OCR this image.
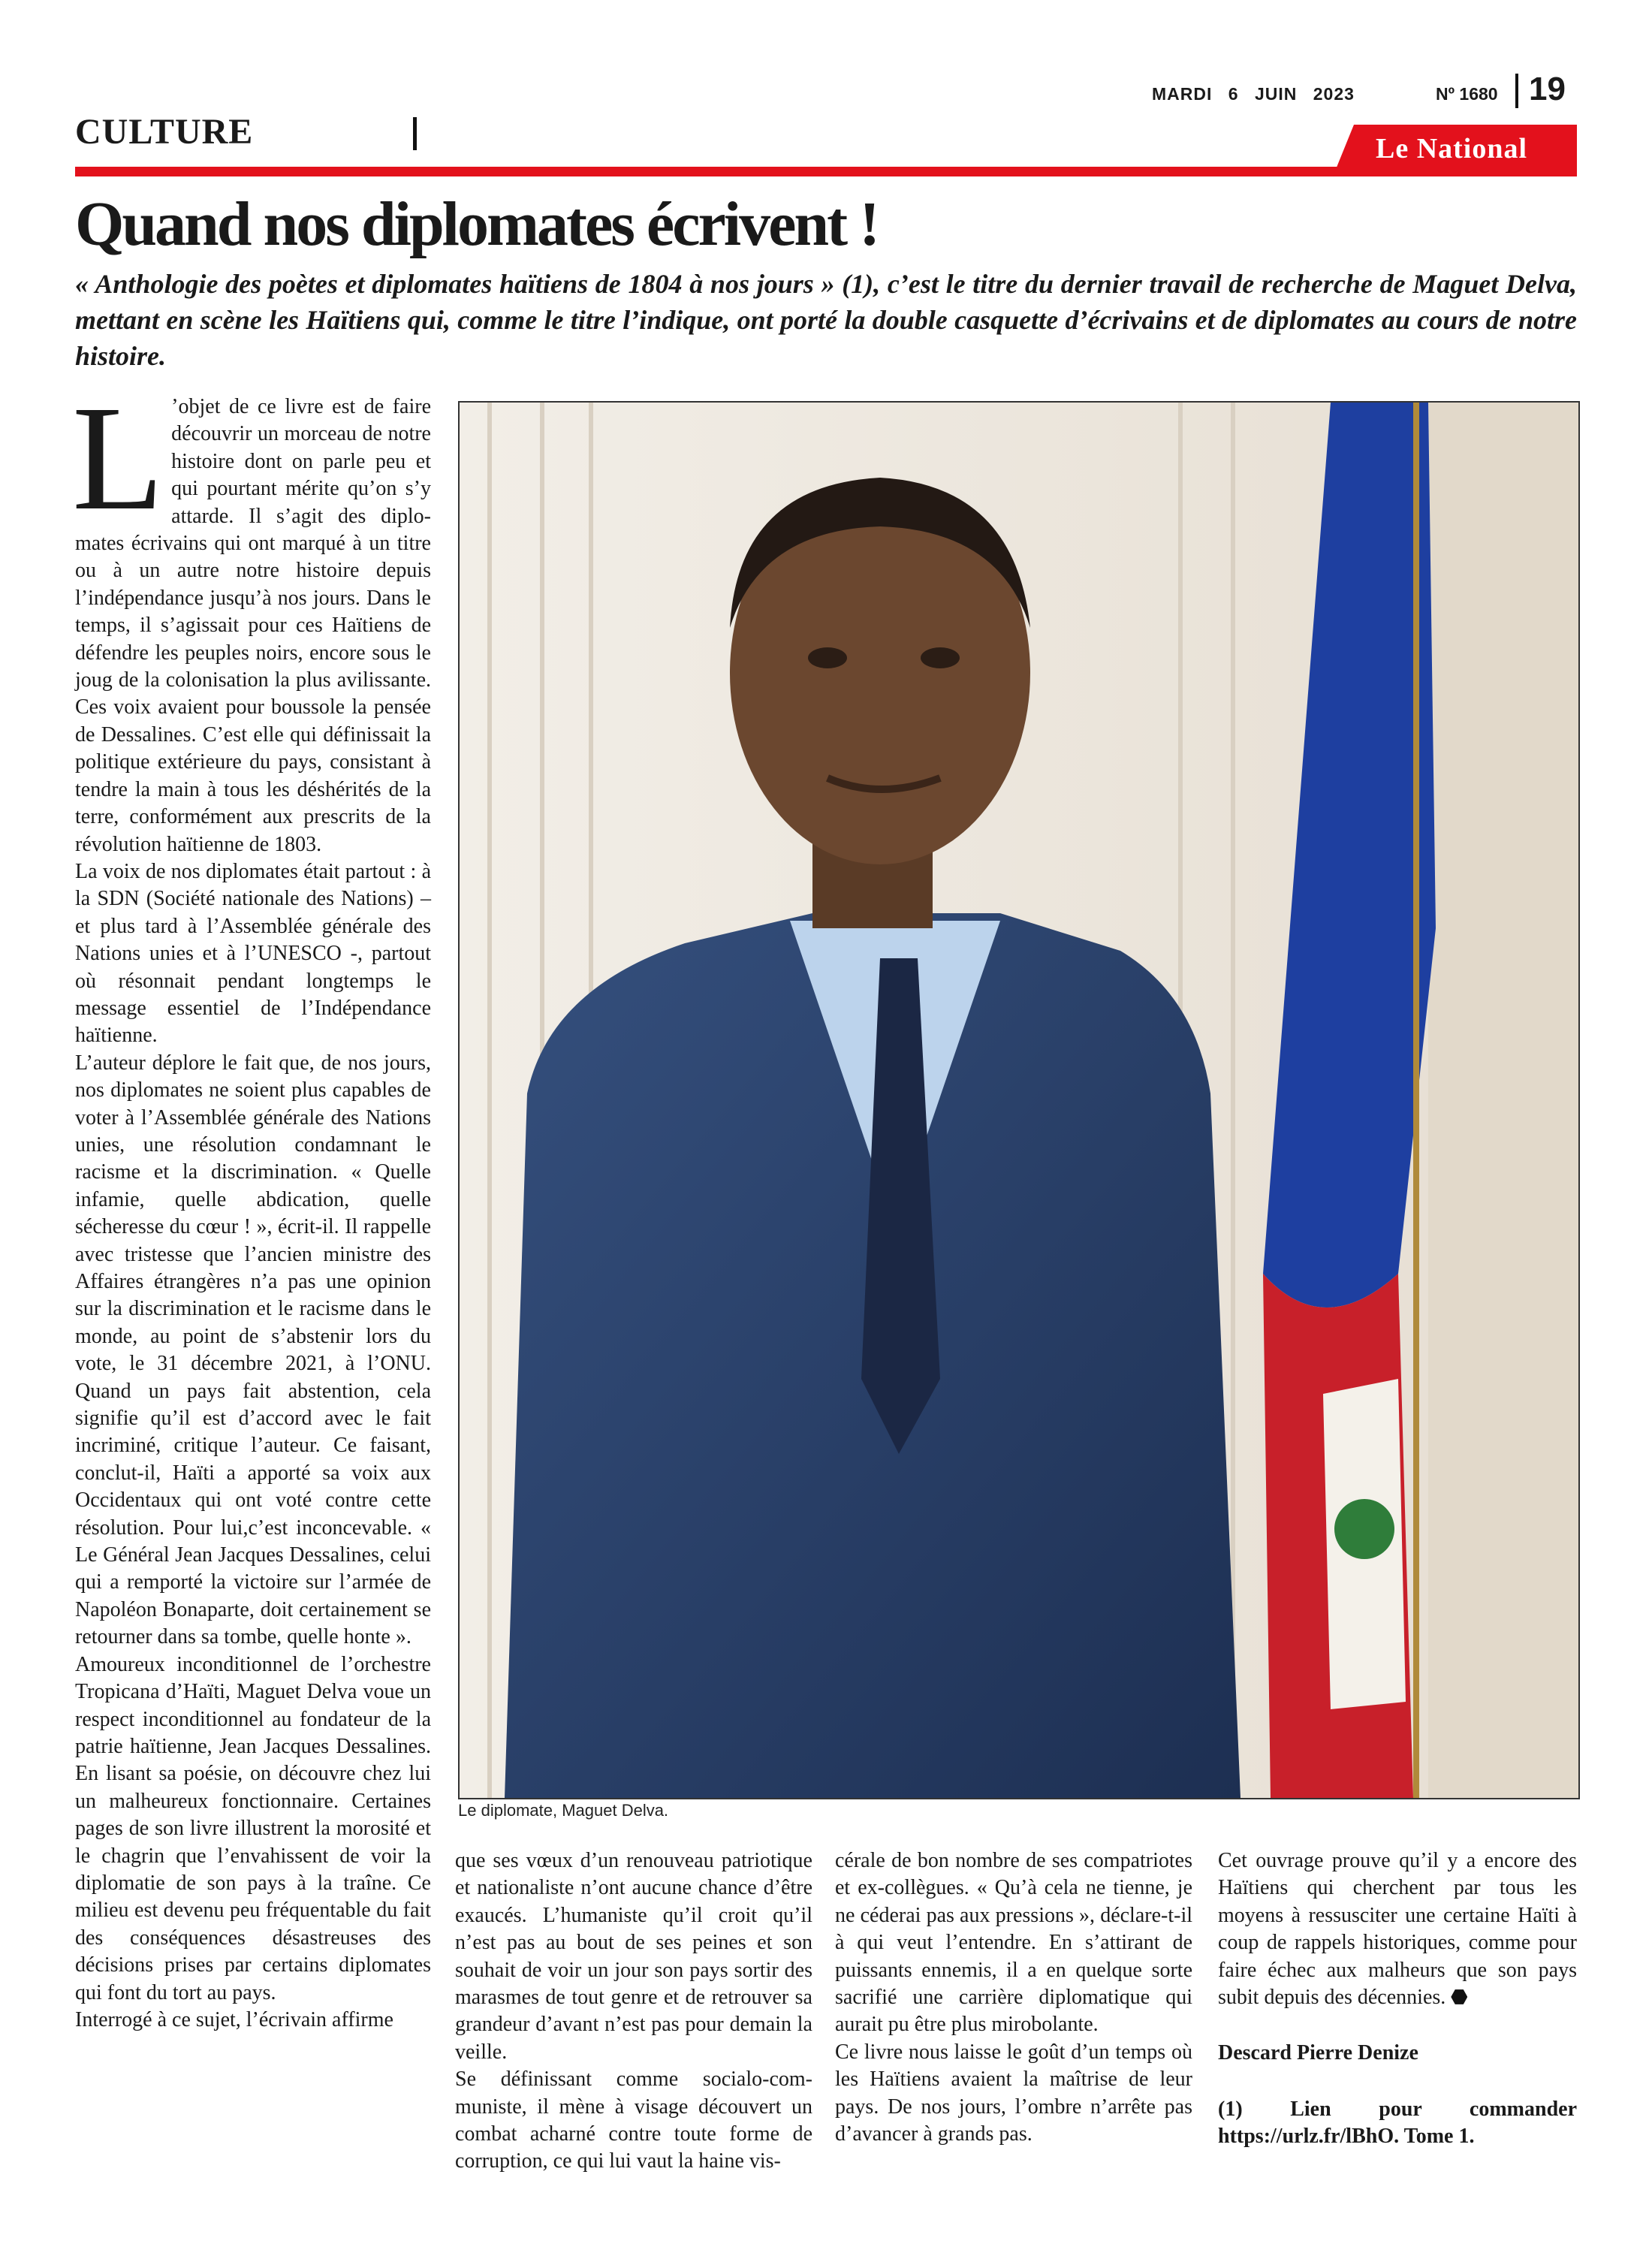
MARDI 6 JUIN 2023	Nº 1680 19
CULTURE	Le National
Quand nos diplomates écrivent !
« Anthologie des poètes et diplomates haïtiens de 1804 à nos jours » (1), c’est le titre du dernier travail de recherche de Maguet Delva, mettant en scène les Haïtiens qui, comme le titre l’indique, ont porté la double casquette d’écrivains et de diplomates au cours de notre histoire.

L ’objet de ce livre est de faire découvrir un morceau de notre histoire dont on parle peu et qui pourtant mérite qu’on s’y attarde. Il s’agit des diplomates écrivains qui ont marqué à un titre ou à un autre notre histoire depuis l’indépendance jusqu’à nos jours. Dans le temps, il s’agissait pour ces Haïtiens de défendre les peuples noirs, encore sous le joug de la colonisation la plus avilissante. Ces voix avaient pour boussole la pensée de Dessalines. C’est elle qui définissait la politique extérieure du pays, consistant à tendre la main à tous les déshérités de la terre, conformément aux prescrits de la révolution haïtienne de 1803.

La voix de nos diplomates était partout : à la SDN (Société nationale des Nations) – et plus tard à l’Assemblée générale des Nations unies et à l’UNESCO -, partout où résonnait pendant longtemps le message essentiel de l’Indépendance haïtienne.

L’auteur déplore le fait que, de nos jours, nos diplomates ne soient plus capables de voter à l’Assemblée générale des Nations unies, une résolution condamnant le racisme et la discrimination. « Quelle infamie, quelle abdication, quelle sécheresse du cœur ! », écrit-il. Il rappelle avec tristesse que l’ancien ministre des Affaires étrangères n’a pas une opinion sur la discrimination et le racisme dans le monde, au point de s’abstenir lors du vote, le 31 décembre 2021, à l’ONU. Quand un pays fait abstention, cela signifie qu’il est d’accord avec le fait incriminé, critique l’auteur. Ce faisant, conclut-il, Haïti a apporté sa voix aux Occidentaux qui ont voté contre cette résolution. Pour lui,c’est inconcevable. « Le Général Jean Jacques Dessalines, celui qui a remporté la victoire sur l’armée de Napoléon Bonaparte, doit certainement se retourner dans sa tombe, quelle honte ».

Amoureux inconditionnel de l’orchestre Tropicana d’Haïti, Maguet Delva voue un respect inconditionnel au fondateur de la patrie haïtienne, Jean Jacques Dessalines. En lisant sa poésie, on découvre chez lui un malheureux fonctionnaire. Certaines pages de son livre illustrent la morosité et le chagrin que l’envahissent de voir la diplomatie de son pays à la traîne. Ce milieu est devenu peu fréquentable du fait des conséquences désastreuses des décisions prises par certains diplomates qui font du tort au pays.

Interrogé à ce sujet, l’écrivain affirme

Le diplomate, Maguet Delva.

que ses vœux d’un renouveau patriotique et nationaliste n’ont aucune chance d’être exaucés. L’humaniste qu’il croit qu’il n’est pas au bout de ses peines et son souhait de voir un jour son pays sortir des marasmes de tout genre et de retrouver sa grandeur d’avant n’est pas pour demain la veille.

Se définissant comme socialo-communiste, il mène à visage découvert un combat acharné contre toute forme de corruption, ce qui lui vaut la haine vis-

cérale de bon nombre de ses compatriotes et ex-collègues. « Qu’à cela ne tienne, je ne céderai pas aux pressions », déclare-t-il à qui veut l’entendre. En s’attirant de puissants ennemis, il a en quelque sorte sacrifié une carrière diplomatique qui aurait pu être plus mirobolante.

Ce livre nous laisse le goût d’un temps où les Haïtiens avaient la maîtrise de leur pays. De nos jours, l’ombre n’arrête pas d’avancer à grands pas.

Cet ouvrage prouve qu’il y a encore des Haïtiens qui cherchent par tous les moyens à ressusciter une certaine Haïti à coup de rappels historiques, comme pour faire échec aux malheurs que son pays subit depuis des décennies.

Descard Pierre Denize

(1) Lien pour commander https://urlz.fr/lBhO. Tome 1.
